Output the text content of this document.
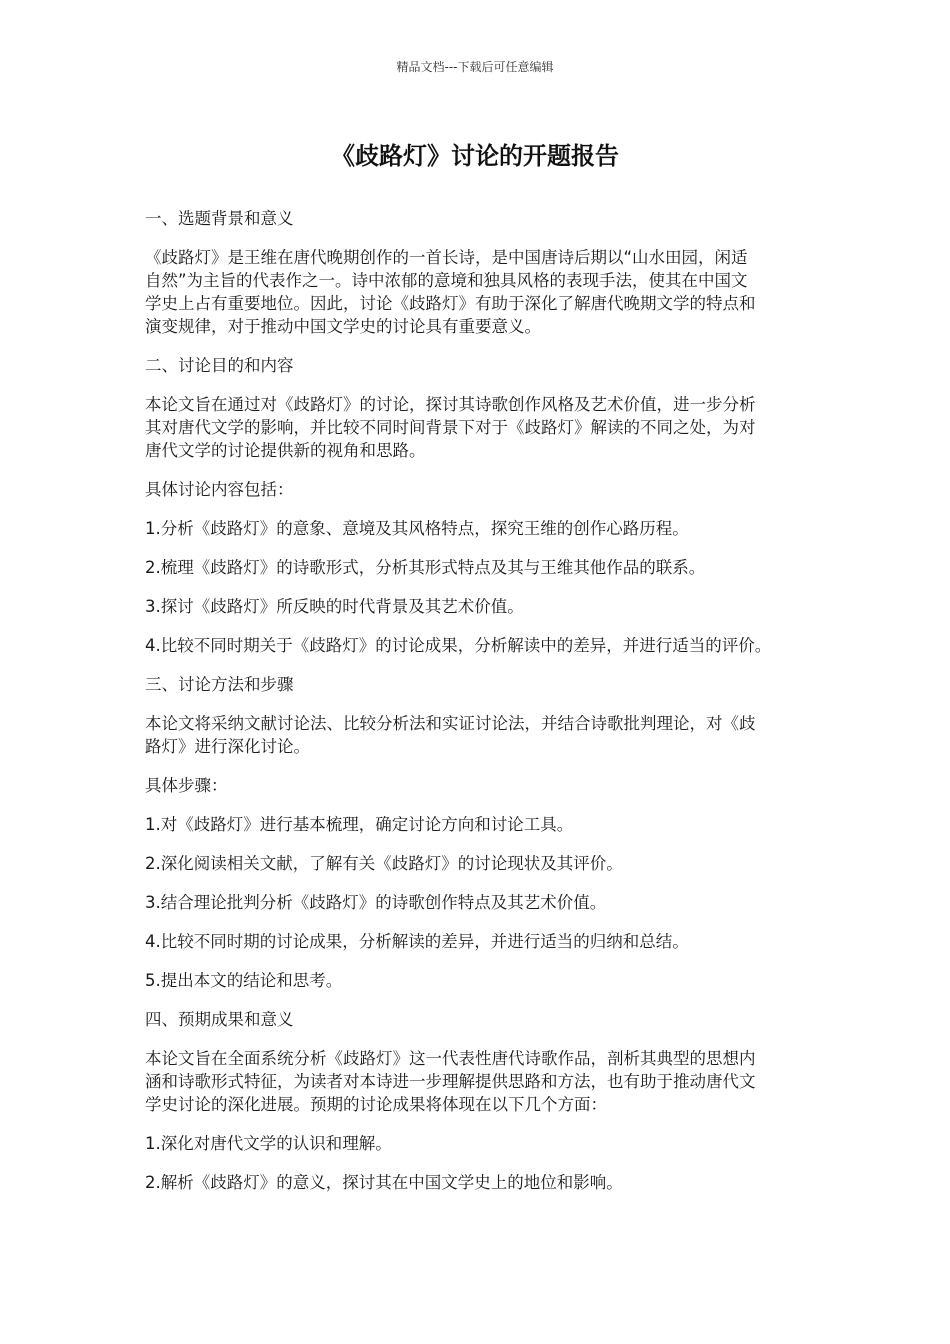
精品文档---下载后可任意编辑
《歧路灯》讨论的开题报告

一、选题背景和意义

《歧路灯》是王维在唐代晚期创作的一首长诗，是中国唐诗后期以“山水田园，闲适
自然”为主旨的代表作之一。诗中浓郁的意境和独具风格的表现手法，使其在中国文
学史上占有重要地位。因此，讨论《歧路灯》有助于深化了解唐代晚期文学的特点和
演变规律，对于推动中国文学史的讨论具有重要意义。

二、讨论目的和内容

本论文旨在通过对《歧路灯》的讨论，探讨其诗歌创作风格及艺术价值，进一步分析
其对唐代文学的影响，并比较不同时间背景下对于《歧路灯》解读的不同之处，为对
唐代文学的讨论提供新的视角和思路。

具体讨论内容包括：

1.分析《歧路灯》的意象、意境及其风格特点，探究王维的创作心路历程。

2.梳理《歧路灯》的诗歌形式，分析其形式特点及其与王维其他作品的联系。

3.探讨《歧路灯》所反映的时代背景及其艺术价值。

4.比较不同时期关于《歧路灯》的讨论成果，分析解读中的差异，并进行适当的评价。

三、讨论方法和步骤

本论文将采纳文献讨论法、比较分析法和实证讨论法，并结合诗歌批判理论，对《歧
路灯》进行深化讨论。

具体步骤：

1.对《歧路灯》进行基本梳理，确定讨论方向和讨论工具。

2.深化阅读相关文献，了解有关《歧路灯》的讨论现状及其评价。

3.结合理论批判分析《歧路灯》的诗歌创作特点及其艺术价值。

4.比较不同时期的讨论成果，分析解读的差异，并进行适当的归纳和总结。

5.提出本文的结论和思考。

四、预期成果和意义

本论文旨在全面系统分析《歧路灯》这一代表性唐代诗歌作品，剖析其典型的思想内
涵和诗歌形式特征，为读者对本诗进一步理解提供思路和方法，也有助于推动唐代文
学史讨论的深化进展。预期的讨论成果将体现在以下几个方面：

1.深化对唐代文学的认识和理解。

2.解析《歧路灯》的意义，探讨其在中国文学史上的地位和影响。
